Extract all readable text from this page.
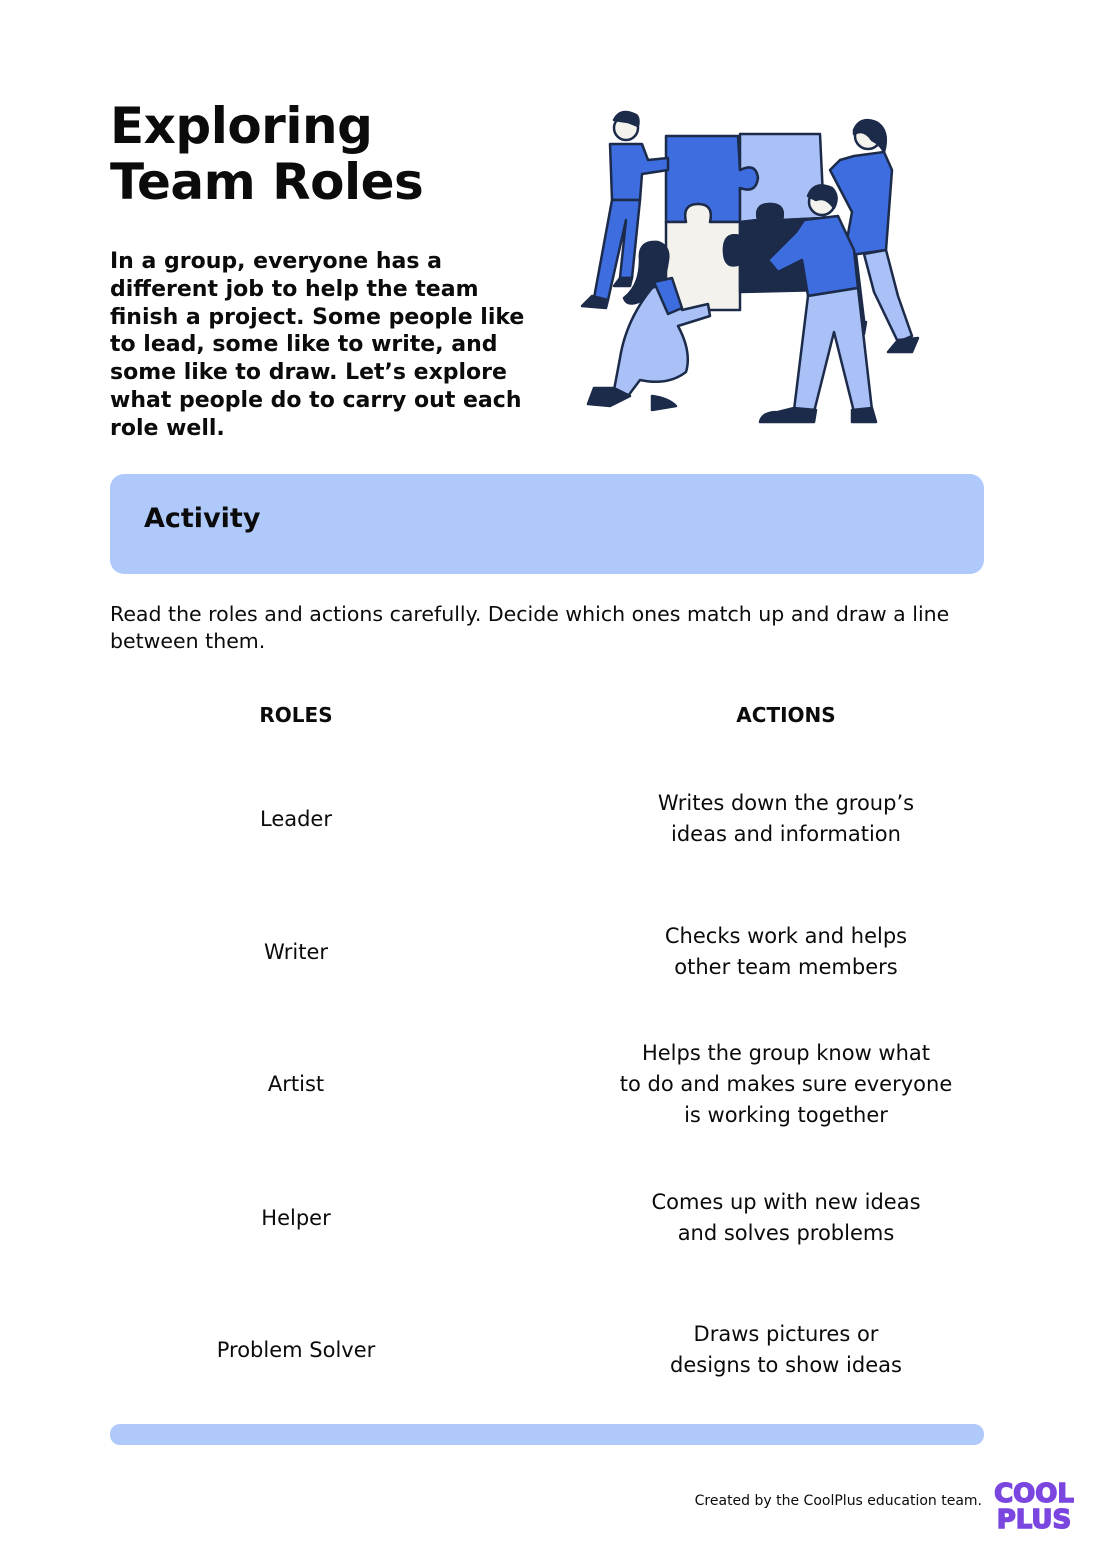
Exploring
Team Roles

In a group, everyone has a different job to help the team finish a project. Some people like to lead, some like to write, and some like to draw. Let’s explore what people do to carry out each role well.

Activity

Read the roles and actions carefully. Decide which ones match up and draw a line between them.

ROLES	ACTIONS
Leader
Writer
Artist
Helper
Problem Solver
Writes down the group’s
ideas and information
Checks work and helps
other team members
Helps the group know what
to do and makes sure everyone
is working together
Comes up with new ideas
and solves problems
Draws pictures or
designs to show ideas
Created by the CoolPlus education team. COOL
PLUS
